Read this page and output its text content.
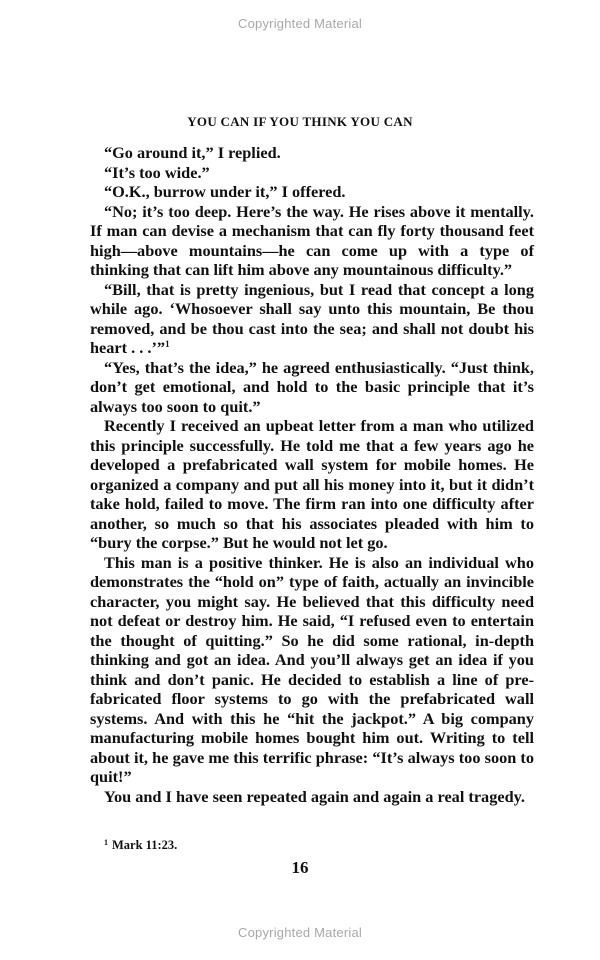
Copyrighted Material
YOU CAN IF YOU THINK YOU CAN

“Go around it,” I replied.

“It’s too wide.”

“O.K., burrow under it,” I offered.

“No; it’s too deep. Here’s the way. He rises above it mentally. If man can devise a mechanism that can fly forty thousand feet high—above mountains—he can come up with a type of thinking that can lift him above any mountainous difficulty.”

“Bill, that is pretty ingenious, but I read that concept a long while ago. ‘Whosoever shall say unto this mountain, Be thou removed, and be thou cast into the sea; and shall not doubt his heart . . .’”$^1$

“Yes, that’s the idea,” he agreed enthusiastically. “Just think, don’t get emotional, and hold to the basic principle that it’s always too soon to quit.”

Recently I received an upbeat letter from a man who utilized this principle successfully. He told me that a few years ago he developed a prefabricated wall system for mobile homes. He organized a company and put all his money into it, but it didn’t take hold, failed to move. The firm ran into one difficulty after another, so much so that his associates pleaded with him to “bury the corpse.” But he would not let go.

This man is a positive thinker. He is also an individual who demonstrates the “hold on” type of faith, actually an invincible character, you might say. He believed that this difficulty need not defeat or destroy him. He said, “I refused even to entertain the thought of quitting.” So he did some rational, in-depth thinking and got an idea. And you’ll always get an idea if you think and don’t panic. He decided to establish a line of prefabricated floor systems to go with the prefabricated wall systems. And with this he “hit the jackpot.” A big company manufacturing mobile homes bought him out. Writing to tell about it, he gave me this terrific phrase: “It’s always too soon to quit!”

You and I have seen repeated again and again a real tragedy.

$^1$ Mark 11:23.
16
Copyrighted Material
